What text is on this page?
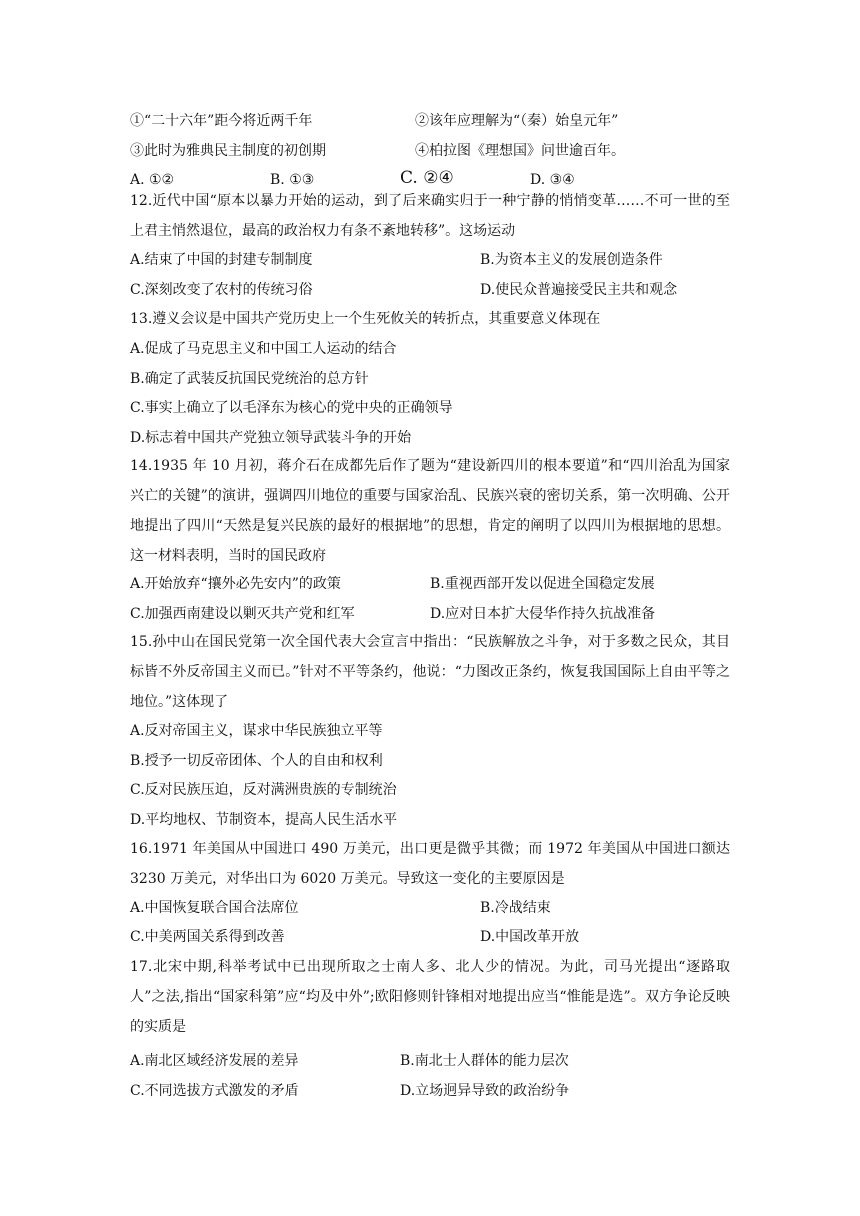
①“二十六年”距今将近两千年	②该年应理解为“（秦）始皇元年”
③此时为雅典民主制度的初创期	④柏拉图《理想国》问世逾百年。
A. ①②	B. ①③	C. ②④	D. ③④
12.近代中国“原本以暴力开始的运动，到了后来确实归于一种宁静的悄悄变革……不可一世的至上君主悄然退位，最高的政治权力有条不紊地转移”。这场运动
A.结束了中国的封建专制制度	B.为资本主义的发展创造条件
C.深刻改变了农村的传统习俗	D.使民众普遍接受民主共和观念
13.遵义会议是中国共产党历史上一个生死攸关的转折点，其重要意义体现在
A.促成了马克思主义和中国工人运动的结合
B.确定了武装反抗国民党统治的总方针
C.事实上确立了以毛泽东为核心的党中央的正确领导
D.标志着中国共产党独立领导武装斗争的开始
14.1935 年 10 月初，蒋介石在成都先后作了题为“建设新四川的根本要道”和“四川治乱为国家兴亡的关键”的演讲，强调四川地位的重要与国家治乱、民族兴衰的密切关系，第一次明确、公开地提出了四川“天然是复兴民族的最好的根据地”的思想，肯定的阐明了以四川为根据地的思想。这一材料表明，当时的国民政府
A.开始放弃“攘外必先安内”的政策	B.重视西部开发以促进全国稳定发展
C.加强西南建设以剿灭共产党和红军	D.应对日本扩大侵华作持久抗战准备
15.孙中山在国民党第一次全国代表大会宣言中指出：“民族解放之斗争，对于多数之民众，其目标皆不外反帝国主义而已。”针对不平等条约，他说：“力图改正条约，恢复我国国际上自由平等之地位。”这体现了
A.反对帝国主义，谋求中华民族独立平等
B.授予一切反帝团体、个人的自由和权利
C.反对民族压迫，反对满洲贵族的专制统治
D.平均地权、节制资本，提高人民生活水平
16.1971 年美国从中国进口 490 万美元，出口更是微乎其微；而 1972 年美国从中国进口额达 3230 万美元，对华出口为 6020 万美元。导致这一变化的主要原因是
A.中国恢复联合国合法席位	B.冷战结束
C.中美两国关系得到改善	D.中国改革开放
17.北宋中期,科举考试中已出现所取之士南人多、北人少的情况。为此，司马光提出“逐路取人”之法,指出“国家科第”应“均及中外”;欧阳修则针锋相对地提出应当“惟能是选”。双方争论反映的实质是
A.南北区域经济发展的差异	B.南北士人群体的能力层次
C.不同选拔方式激发的矛盾	D.立场迥异导致的政治纷争
